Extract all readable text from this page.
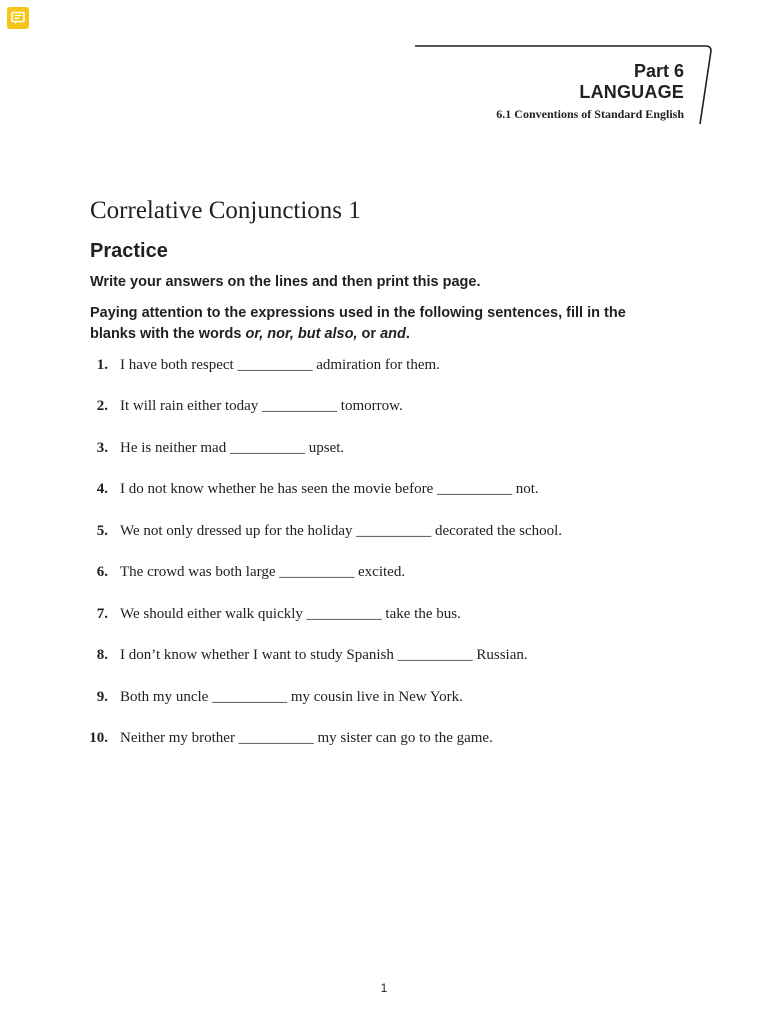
Part 6
LANGUAGE
6.1 Conventions of Standard English
Correlative Conjunctions 1
Practice

Write your answers on the lines and then print this page.

Paying attention to the expressions used in the following sentences, fill in the blanks with the words or, nor, but also, or and.

1. I have both respect __________ admiration for them.
2. It will rain either today __________ tomorrow.
3. He is neither mad __________ upset.
4. I do not know whether he has seen the movie before __________ not.
5. We not only dressed up for the holiday __________ decorated the school.
6. The crowd was both large __________ excited.
7. We should either walk quickly __________ take the bus.
8. I don’t know whether I want to study Spanish __________ Russian.
9. Both my uncle __________ my cousin live in New York.
10. Neither my brother __________ my sister can go to the game.
1
